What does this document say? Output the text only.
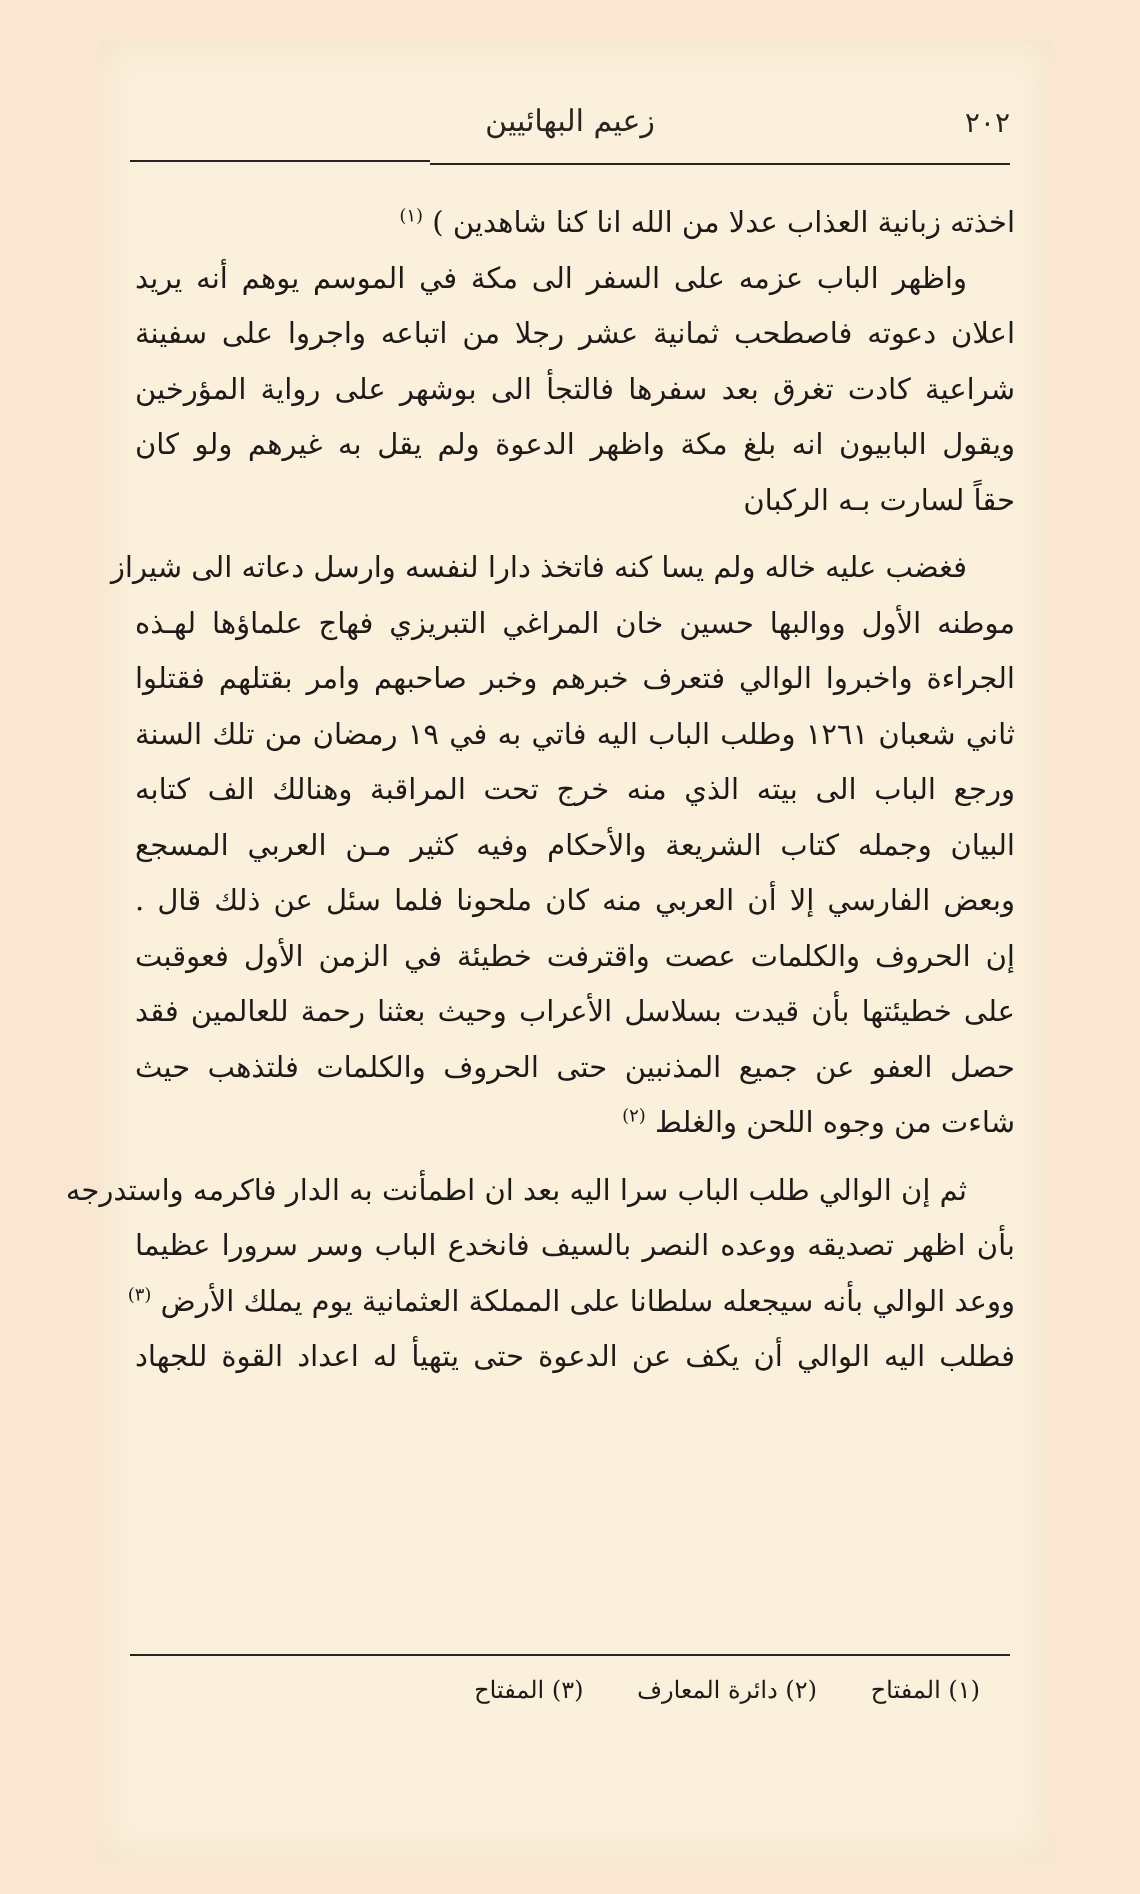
زعيم البهائيين	٢٠٢
اخذته زبانية العذاب عدلا من الله انا كنا شاهدين ) $^{(١)}$
واظهر الباب عزمه على السفر الى مكة في الموسم يوهم أنه يريد
اعلان دعوته فاصطحب ثمانية عشر رجلا من اتباعه واجروا على سفينة
شراعية كادت تغرق بعد سفرها فالتجأ الى بوشهر على رواية المؤرخين
ويقول البابيون انه بلغ مكة واظهر الدعوة ولم يقل به غيرهم ولو كان
حقاً لسارت بـه الركبان
فغضب عليه خاله ولم يسا كنه فاتخذ دارا لنفسه وارسل دعاته الى شيراز
موطنه الأول ووالبها حسين خان المراغي التبريزي فهاج علماؤها لهـذه
الجراءة واخبروا الوالي فتعرف خبرهم وخبر صاحبهم وامر بقتلهم فقتلوا
ثاني شعبان ١٢٦١ وطلب الباب اليه فاتي به في ١٩ رمضان من تلك السنة
ورجع الباب الى بيته الذي منه خرج تحت المراقبة وهنالك الف كتابه
البيان وجمله كتاب الشريعة والأحكام وفيه كثير مـن العربي المسجع
وبعض الفارسي إلا أن العربي منه كان ملحونا فلما سئل عن ذلك قال .
إن الحروف والكلمات عصت واقترفت خطيئة في الزمن الأول فعوقبت
على خطيئتها بأن قيدت بسلاسل الأعراب وحيث بعثنا رحمة للعالمين فقد
حصل العفو عن جميع المذنبين حتى الحروف والكلمات فلتذهب حيث
شاءت من وجوه اللحن والغلط $^{(٢)}$
ثم إن الوالي طلب الباب سرا اليه بعد ان اطمأنت به الدار فاكرمه واستدرجه
بأن اظهر تصديقه ووعده النصر بالسيف فانخدع الباب وسر سرورا عظيما
ووعد الوالي بأنه سيجعله سلطانا على المملكة العثمانية يوم يملك الأرض $^{(٣)}$
فطلب اليه الوالي أن يكف عن الدعوة حتى يتهيأ له اعداد القوة للجهاد
(١) المفتاح (٢) دائرة المعارف (٣) المفتاح
